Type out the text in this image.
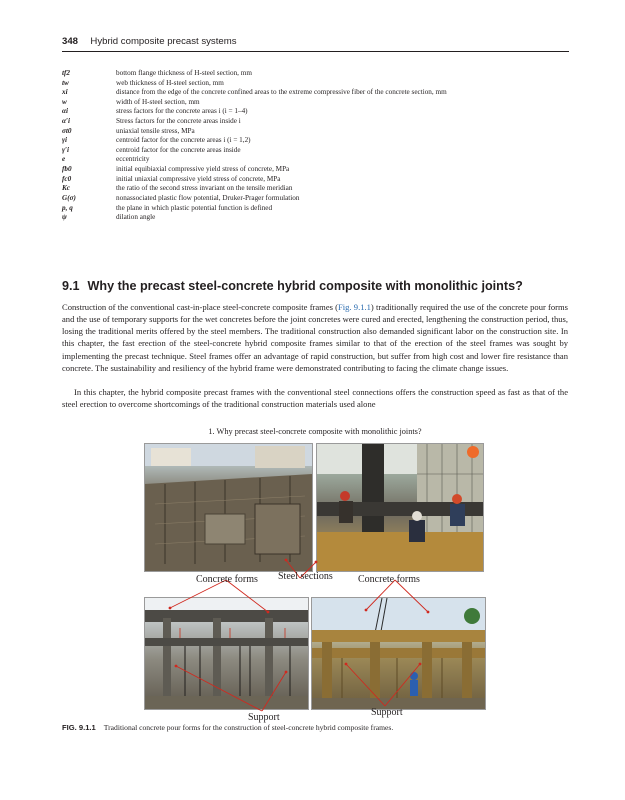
348 Hybrid composite precast systems
tf2	bottom flange thickness of H-steel section, mm
tw	web thickness of H-steel section, mm
xi	distance from the edge of the concrete confined areas to the extreme compressive fiber of the concrete section, mm
w	width of H-steel section, mm
αi	stress factors for the concrete areas i (i = 1–4)
α′i	Stress factors for the concrete areas inside i
σt0	uniaxial tensile stress, MPa
γi	centroid factor for the concrete areas i (i = 1,2)
γ′i	centroid factor for the concrete areas inside
e	eccentricity
fb0	initial equibiaxial compressive yield stress of concrete, MPa
fc0	initial uniaxial compressive yield stress of concrete, MPa
Kc	the ratio of the second stress invariant on the tensile meridian
G(σ)	nonassociated plastic flow potential, Druker-Prager formulation
p, q	the plane in which plastic potential function is defined
ψ	dilation angle
9.1 Why the precast steel-concrete hybrid composite with monolithic joints?

Construction of the conventional cast-in-place steel-concrete composite frames (Fig. 9.1.1) traditionally required the use of the concrete pour forms and the use of temporary supports for the wet concretes before the joint concretes were cured and erected, lengthening the construction period, thus, losing the traditional merits offered by the steel members. The traditional construction also demanded significant labor on the construction site. In this chapter, the fast erection of the steel-concrete hybrid composite frames similar to that of the erection of the steel frames was sought by implementing the precast technique. Steel frames offer an advantage of rapid construction, but suffer from high cost and lower fire resistance than concrete. The sustainability and resiliency of the hybrid frame were demonstrated contributing to facing the climate change issues.

In this chapter, the hybrid composite precast frames with the conventional steel connections offers the construction speed as fast as that of the steel erection to overcome shortcomings of the traditional construction materials used alone

1. Why precast steel-concrete composite with monolithic joints?
Concrete forms Steel sections	Concrete forms
Support	Support
FIG. 9.1.1 Traditional concrete pour forms for the construction of steel-concrete hybrid composite frames.
